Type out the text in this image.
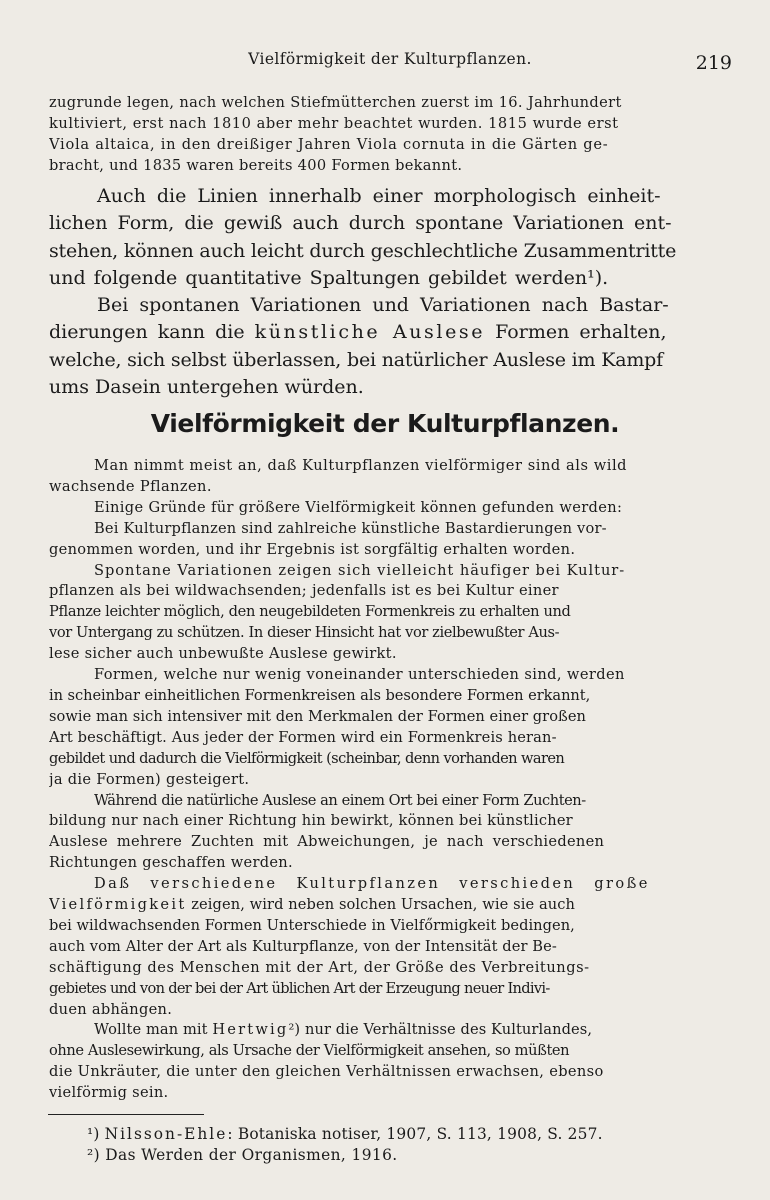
Vielförmigkeit der Kulturpflanzen.	219
zugrunde legen, nach welchen Stiefmütterchen zuerst im 16. Jahrhundert
kultiviert, erst nach 1810 aber mehr beachtet wurden. 1815 wurde erst
Viola altaica, in den dreißiger Jahren Viola cornuta in die Gärten ge-
bracht, und 1835 waren bereits 400 Formen bekannt.
Auch die Linien innerhalb einer morphologisch einheit-
lichen Form, die gewiß auch durch spontane Variationen ent-
stehen, können auch leicht durch geschlechtliche Zusammentritte
und folgende quantitative Spaltungen gebildet werden¹).
Bei spontanen Variationen und Variationen nach Bastar-
dierungen kann die künstliche Auslese Formen erhalten,
welche, sich selbst überlassen, bei natürlicher Auslese im Kampf
ums Dasein untergehen würden.
Vielförmigkeit der Kulturpflanzen.
Man nimmt meist an, daß Kulturpflanzen vielförmiger sind als wild
wachsende Pflanzen.
Einige Gründe für größere Vielförmigkeit können gefunden werden:
Bei Kulturpflanzen sind zahlreiche künstliche Bastardierungen vor-
genommen worden, und ihr Ergebnis ist sorgfältig erhalten worden.
Spontane Variationen zeigen sich vielleicht häufiger bei Kultur-
pflanzen als bei wildwachsenden; jedenfalls ist es bei Kultur einer
Pflanze leichter möglich, den neugebildeten Formenkreis zu erhalten und
vor Untergang zu schützen. In dieser Hinsicht hat vor zielbewußter Aus-
lese sicher auch unbewußte Auslese gewirkt.
Formen, welche nur wenig voneinander unterschieden sind, werden
in scheinbar einheitlichen Formenkreisen als besondere Formen erkannt,
sowie man sich intensiver mit den Merkmalen der Formen einer großen
Art beschäftigt. Aus jeder der Formen wird ein Formenkreis heran-
gebildet und dadurch die Vielförmigkeit (scheinbar, denn vorhanden waren
ja die Formen) gesteigert.
Während die natürliche Auslese an einem Ort bei einer Form Zuchten-
bildung nur nach einer Richtung hin bewirkt, können bei künstlicher
Auslese mehrere Zuchten mit Abweichungen, je nach verschiedenen
Richtungen geschaffen werden.
Daß verschiedene Kulturpflanzen verschieden große
Vielförmigkeit zeigen, wird neben solchen Ursachen, wie sie auch
bei wildwachsenden Formen Unterschiede in Vielfőrmigkeit bedingen,
auch vom Alter der Art als Kulturpflanze, von der Intensität der Be-
schäftigung des Menschen mit der Art, der Größe des Verbreitungs-
gebietes und von der bei der Art üblichen Art der Erzeugung neuer Indivi-
duen abhängen.
Wollte man mit Hertwig²) nur die Verhältnisse des Kulturlandes,
ohne Auslesewirkung, als Ursache der Vielförmigkeit ansehen, so müßten
die Unkräuter, die unter den gleichen Verhältnissen erwachsen, ebenso
vielförmig sein.
¹) Nilsson-Ehle: Botaniska notiser, 1907, S. 113, 1908, S. 257.
²) Das Werden der Organismen, 1916.
